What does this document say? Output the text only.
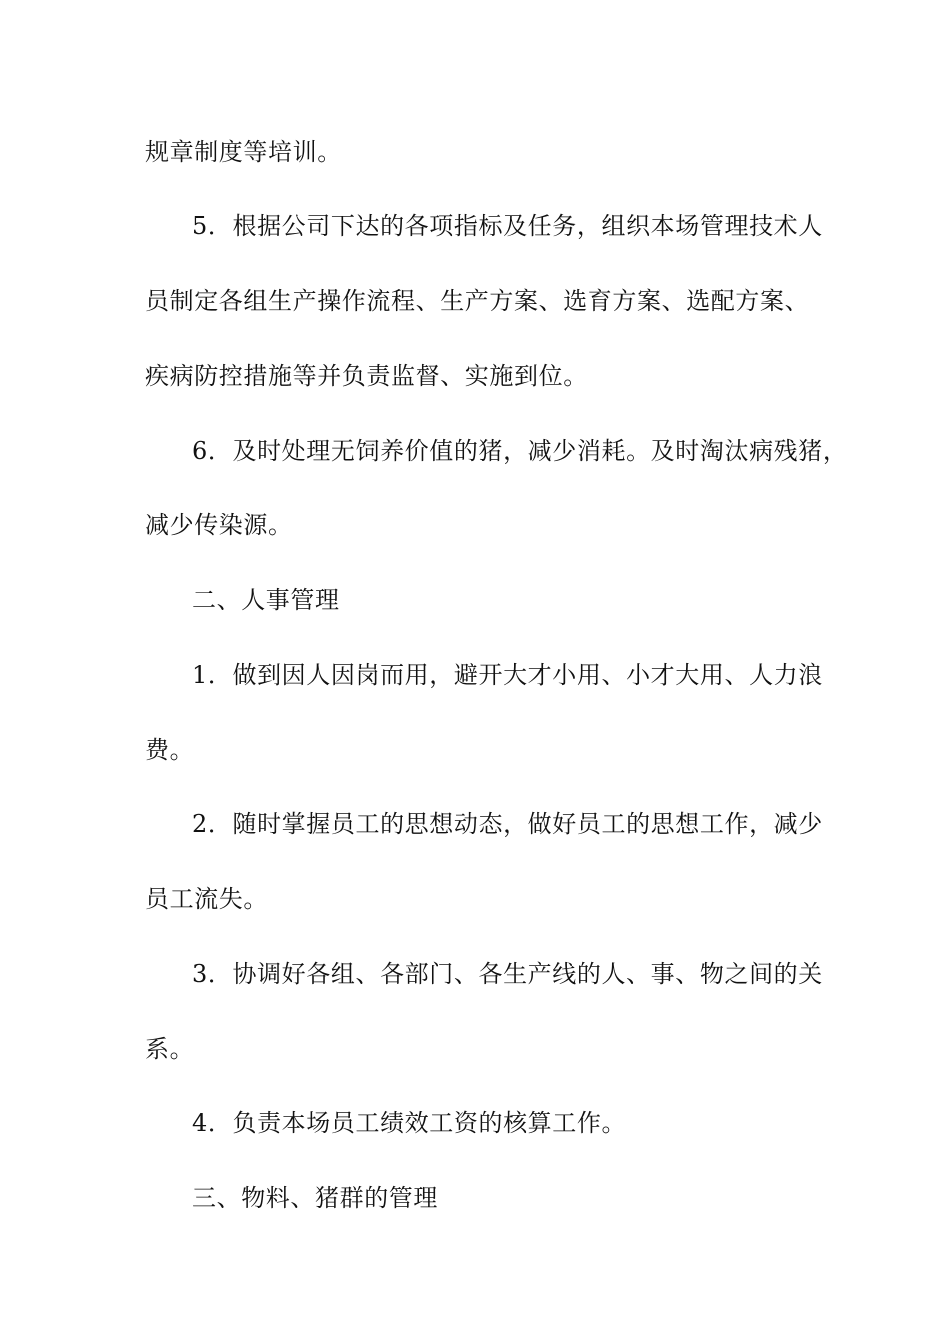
规章制度等培训。
5．根据公司下达的各项指标及任务，组织本场管理技术人
员制定各组生产操作流程、生产方案、选育方案、选配方案、
疾病防控措施等并负责监督、实施到位。
6．及时处理无饲养价值的猪，减少消耗。及时淘汰病残猪，
减少传染源。
二、人事管理
1．做到因人因岗而用，避开大才小用、小才大用、人力浪
费。
2．随时掌握员工的思想动态，做好员工的思想工作，减少
员工流失。
3．协调好各组、各部门、各生产线的人、事、物之间的关
系。
4．负责本场员工绩效工资的核算工作。
三、物料、猪群的管理
